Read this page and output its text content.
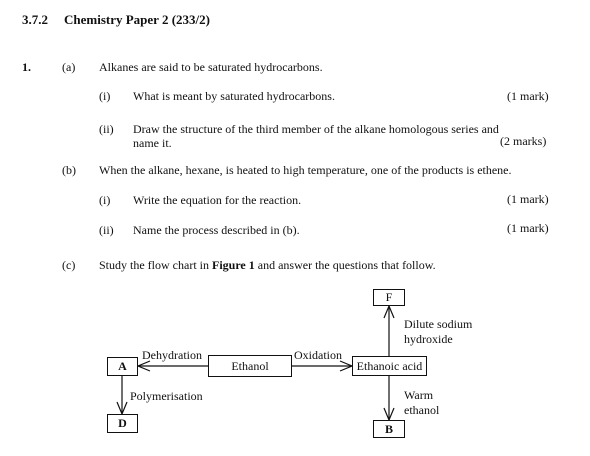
3.7.2 Chemistry Paper 2 (233/2)
1.	(a) Alkanes are said to be saturated hydrocarbons.
(i) What is meant by saturated hydrocarbons.	(1 mark)
(ii) Draw the structure of the third member of the alkane homologous series and
name it.	(2 marks)
(b) When the alkane, hexane, is heated to high temperature, one of the products is ethene.
(i) Write the equation for the reaction.	(1 mark)
(ii) Name the process described in (b).	(1 mark)
(c) Study the flow chart in Figure 1 and answer the questions that follow.
F
A	Ethanol	Ethanoic acid
D	B
Dehydration	Oxidation
Polymerisation
Dilute sodium
hydroxide
Warm
ethanol
